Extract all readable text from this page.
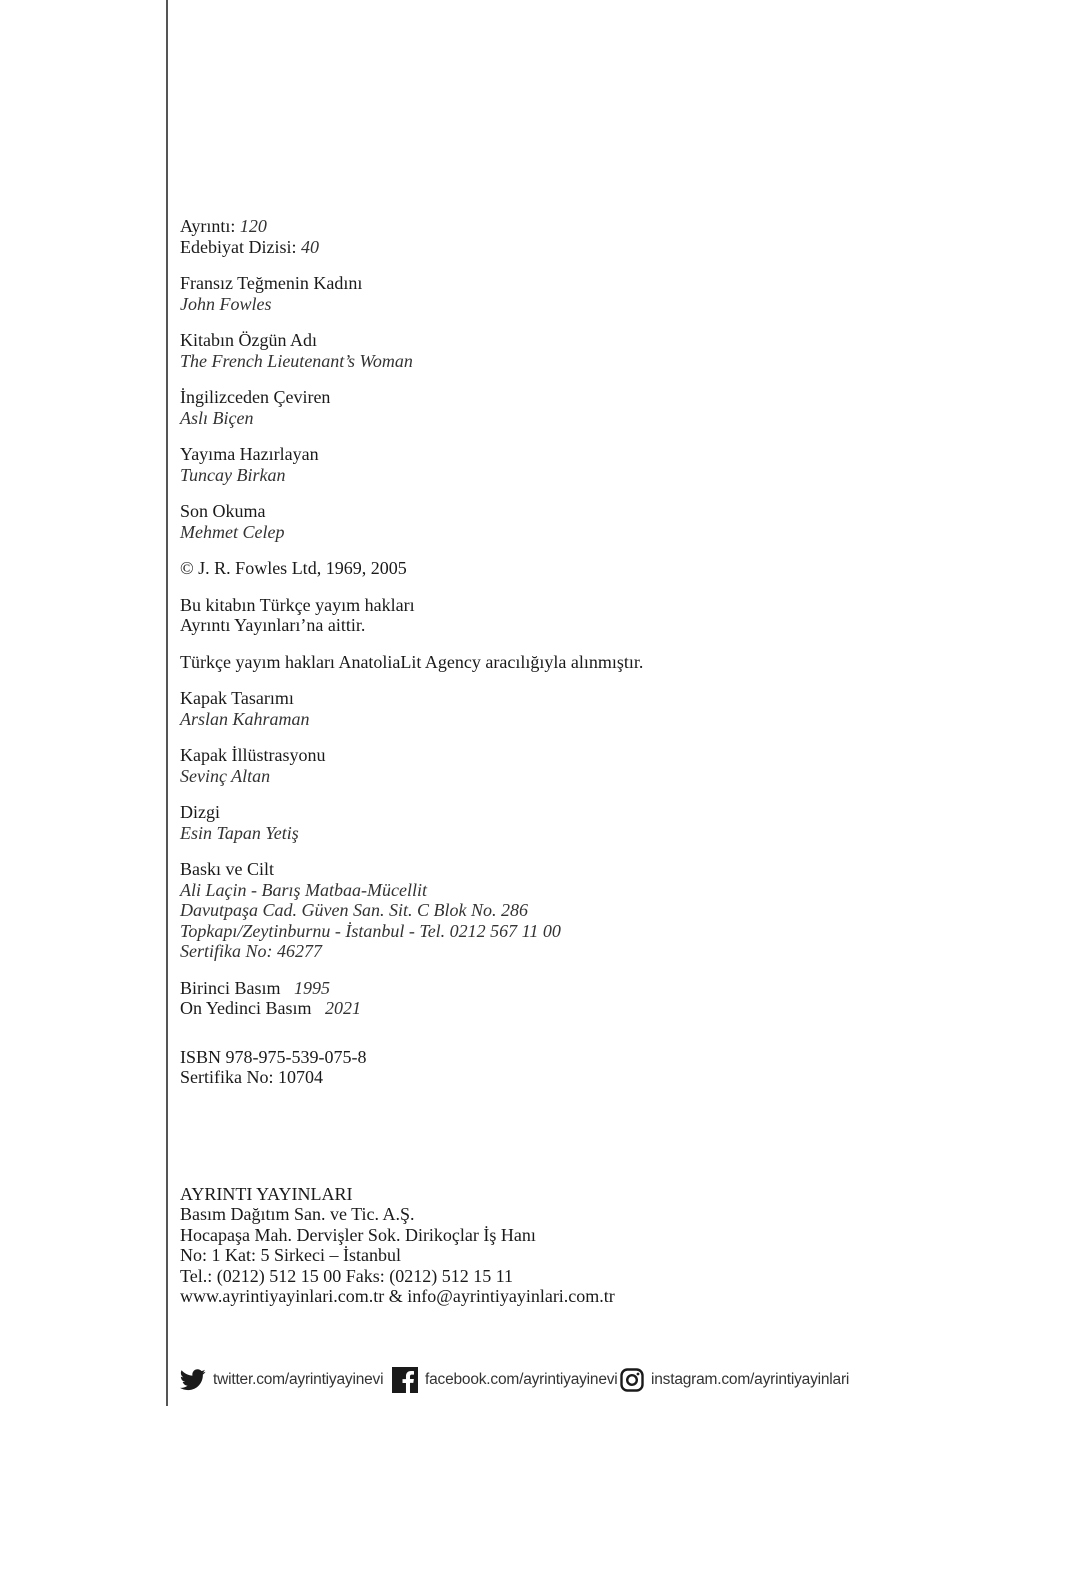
Ayrıntı: 120
Edebiyat Dizisi: 40
Fransız Teğmenin Kadını
John Fowles
Kitabın Özgün Adı
The French Lieutenant’s Woman
İngilizceden Çeviren
Aslı Biçen
Yayıma Hazırlayan
Tuncay Birkan
Son Okuma
Mehmet Celep
© J. R. Fowles Ltd, 1969, 2005
Bu kitabın Türkçe yayım hakları
Ayrıntı Yayınları’na aittir.
Türkçe yayım hakları AnatoliaLit Agency aracılığıyla alınmıştır.
Kapak Tasarımı
Arslan Kahraman
Kapak İllüstrasyonu
Sevinç Altan
Dizgi
Esin Tapan Yetiş
Baskı ve Cilt
Ali Laçin - Barış Matbaa-Mücellit
Davutpaşa Cad. Güven San. Sit. C Blok No. 286
Topkapı/Zeytinburnu - İstanbul - Tel. 0212 567 11 00
Sertifika No: 46277
Birinci Basım 1995
On Yedinci Basım 2021
ISBN 978-975-539-075-8
Sertifika No: 10704
AYRINTI YAYINLARI
Basım Dağıtım San. ve Tic. A.Ş.
Hocapaşa Mah. Dervişler Sok. Dirikoçlar İş Hanı
No: 1 Kat: 5 Sirkeci – İstanbul
Tel.: (0212) 512 15 00 Faks: (0212) 512 15 11
www.ayrintiyayinlari.com.tr & info@ayrintiyayinlari.com.tr
twitter.com/ayrintiyayinevi	facebook.com/ayrintiyayinevi instagram.com/ayrintiyayinlari
